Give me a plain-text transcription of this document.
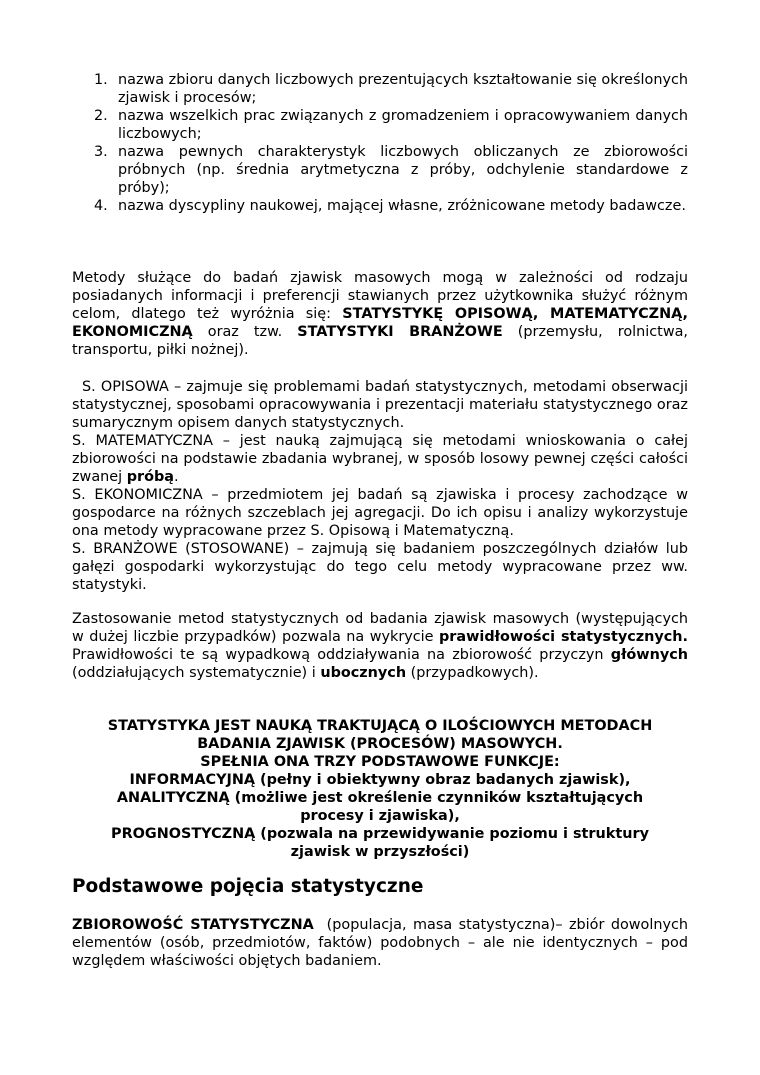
1. nazwa zbioru danych liczbowych prezentujących kształtowanie się określonych zjawisk i procesów;
2. nazwa wszelkich prac związanych z gromadzeniem i opracowywaniem danych liczbowych;
3. nazwa pewnych charakterystyk liczbowych obliczanych ze zbiorowości próbnych (np. średnia arytmetyczna z próby, odchylenie standardowe z próby);
4. nazwa dyscypliny naukowej, mającej własne, zróżnicowane metody badawcze.

Metody służące do badań zjawisk masowych mogą w zależności od rodzaju posiadanych informacji i preferencji stawianych przez użytkownika służyć różnym celom, dlatego też wyróżnia się: STATYSTYKĘ OPISOWĄ, MATEMATYCZNĄ, EKONOMICZNĄ oraz tzw. STATYSTYKI BRANŻOWE (przemysłu, rolnictwa, transportu, piłki nożnej).

S. OPISOWA – zajmuje się problemami badań statystycznych, metodami obserwacji statystycznej, sposobami opracowywania i prezentacji materiału statystycznego oraz sumarycznym opisem danych statystycznych.

S. MATEMATYCZNA – jest nauką zajmującą się metodami wnioskowania o całej zbiorowości na podstawie zbadania wybranej, w sposób losowy pewnej części całości zwanej próbą.

S. EKONOMICZNA – przedmiotem jej badań są zjawiska i procesy zachodzące w gospodarce na różnych szczeblach jej agregacji. Do ich opisu i analizy wykorzystuje ona metody wypracowane przez S. Opisową i Matematyczną.

S. BRANŻOWE (STOSOWANE) – zajmują się badaniem poszczególnych działów lub gałęzi gospodarki wykorzystując do tego celu metody wypracowane przez ww. statystyki.

Zastosowanie metod statystycznych od badania zjawisk masowych (występujących w dużej liczbie przypadków) pozwala na wykrycie prawidłowości statystycznych. Prawidłowości te są wypadkową oddziaływania na zbiorowość przyczyn głównych (oddziałujących systematycznie) i ubocznych (przypadkowych).

STATYSTYKA JEST NAUKĄ TRAKTUJĄCĄ O ILOŚCIOWYCH METODACH
BADANIA ZJAWISK (PROCESÓW) MASOWYCH.
SPEŁNIA ONA TRZY PODSTAWOWE FUNKCJE:
INFORMACYJNĄ (pełny i obiektywny obraz badanych zjawisk),
ANALITYCZNĄ (możliwe jest określenie czynników kształtujących
procesy i zjawiska),
PROGNOSTYCZNĄ (pozwala na przewidywanie poziomu i struktury
zjawisk w przyszłości)
Podstawowe pojęcia statystyczne

ZBIOROWOŚĆ STATYSTYCZNA  (populacja, masa statystyczna)– zbiór dowolnych elementów (osób, przedmiotów, faktów) podobnych – ale nie identycznych – pod względem właściwości objętych badaniem.
